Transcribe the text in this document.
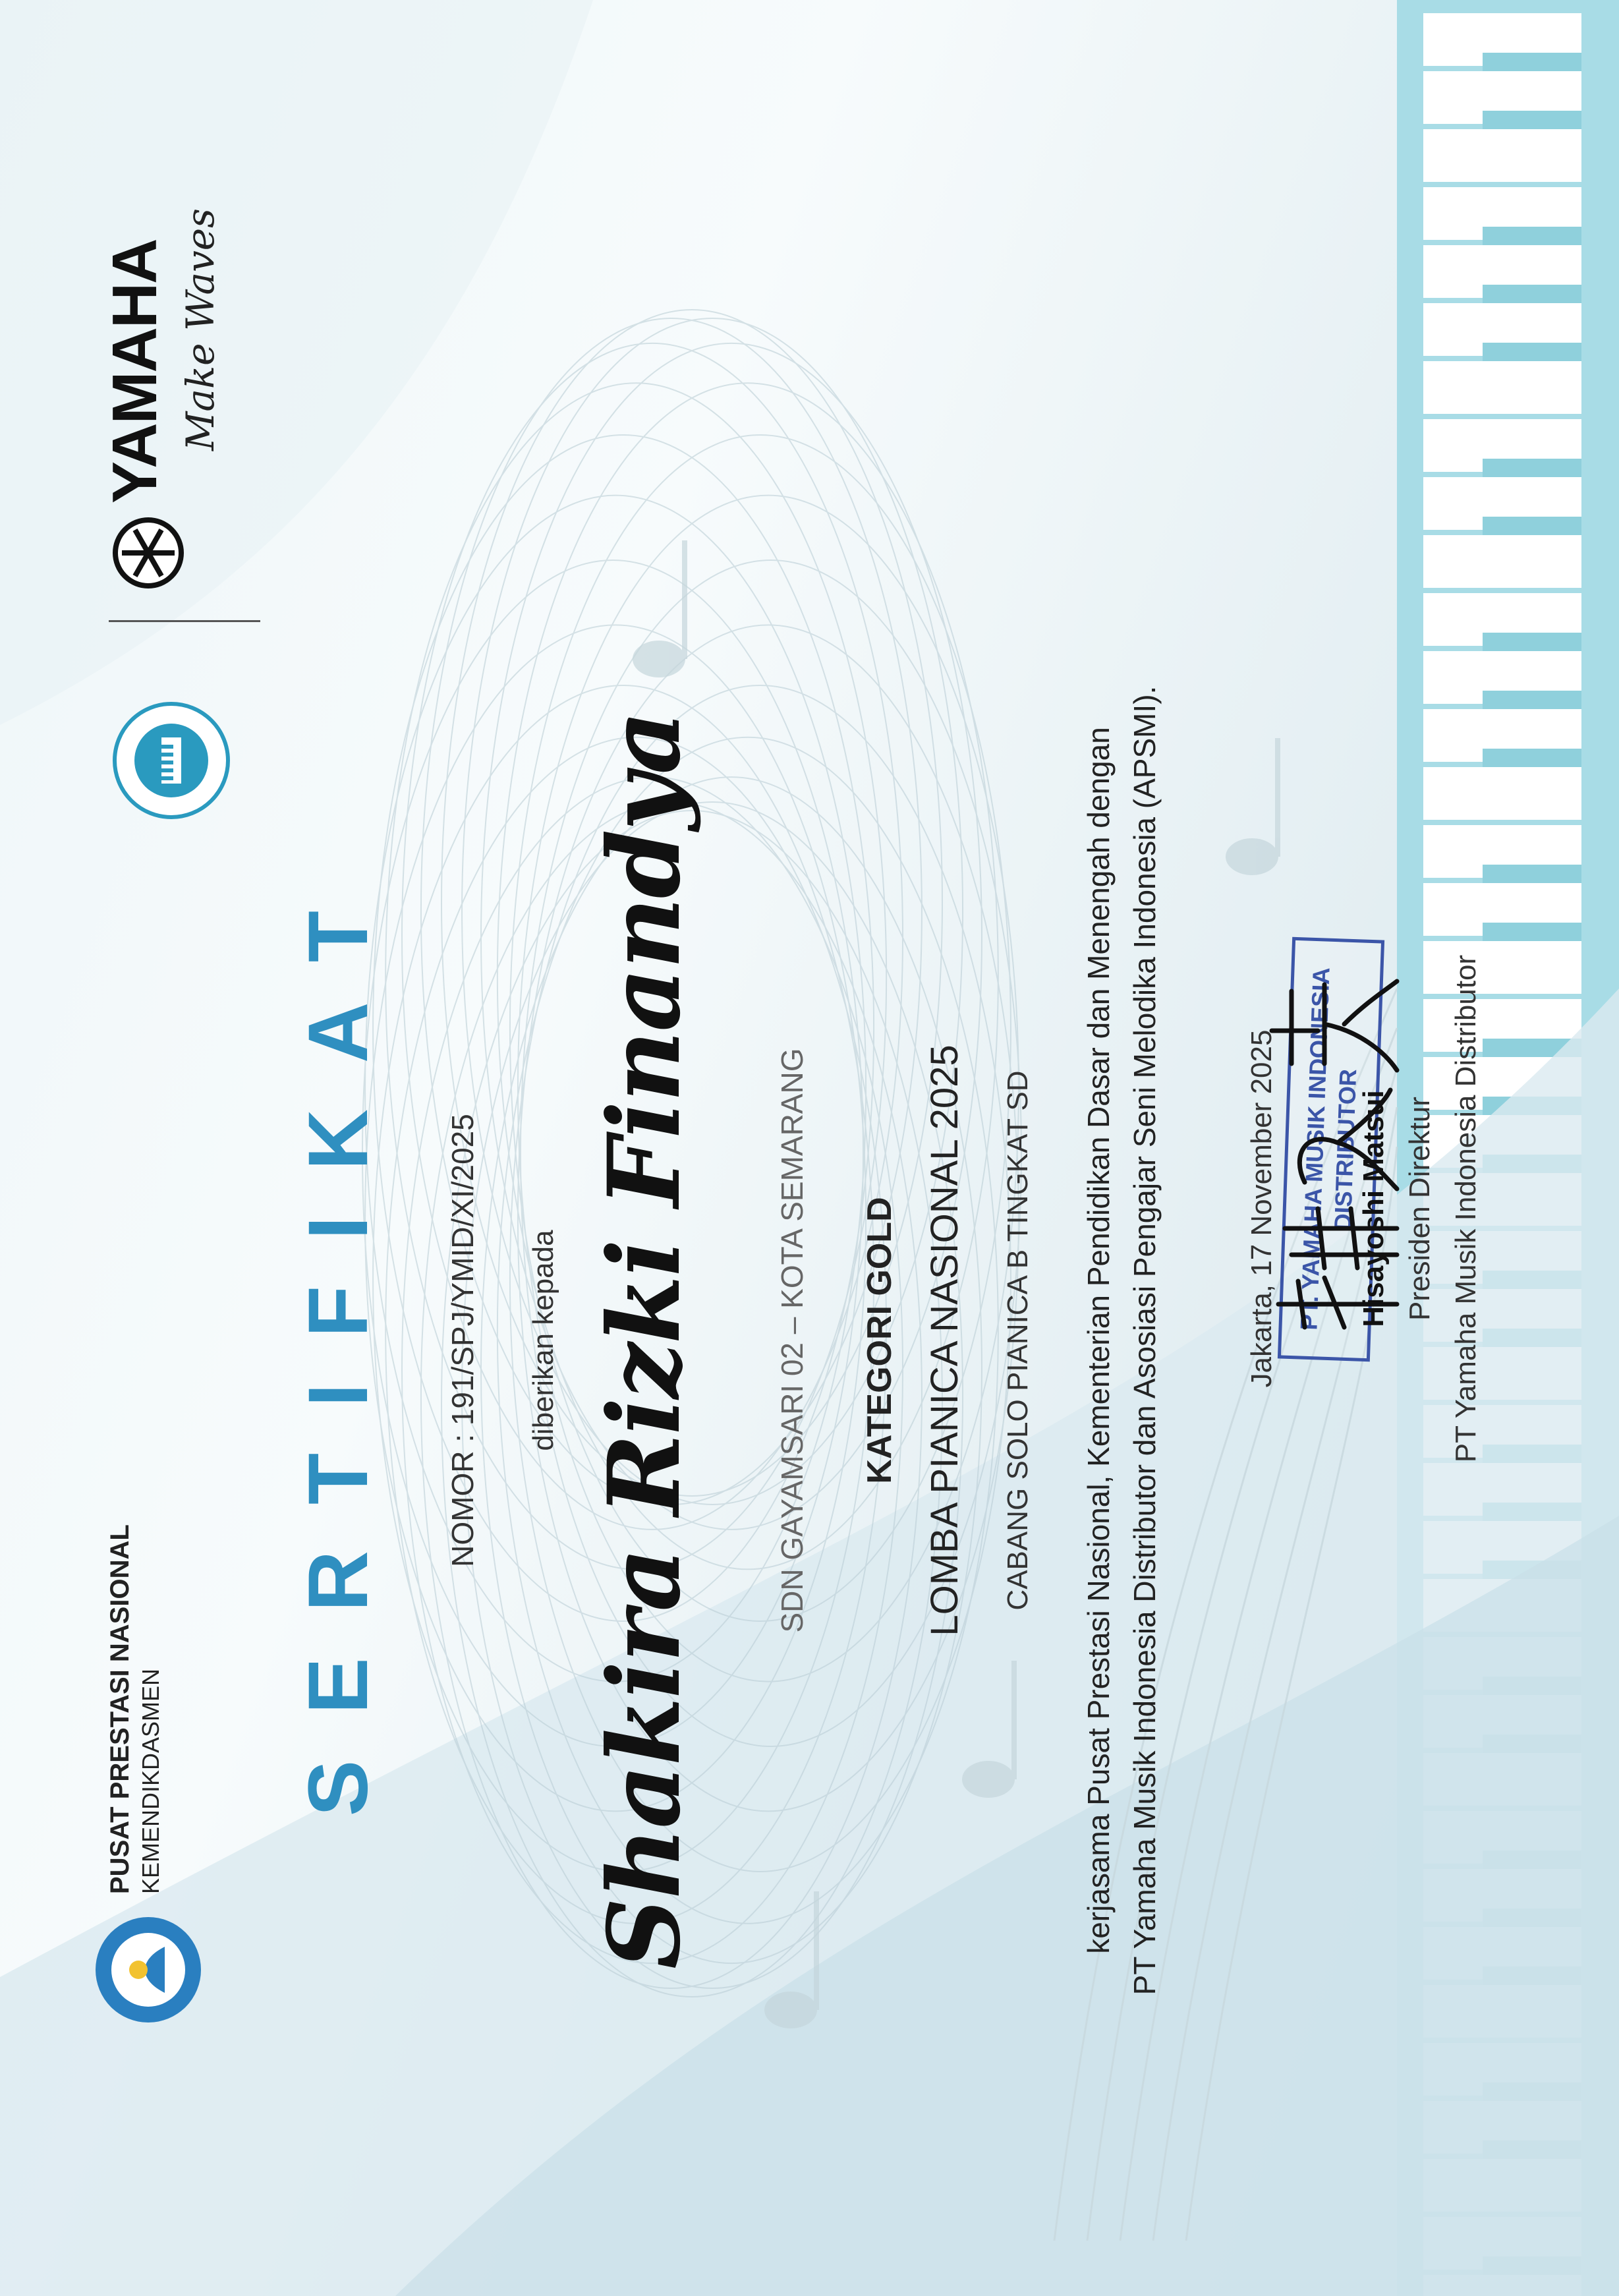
PUSAT PRESTASI NASIONAL KEMENDIKDASMEN
YAMAHA Make Waves
SERTIFIKAT NOMOR : 191/SPJ/YMID/XI/2025 diberikan kepada Shakira Rizki Finandya SDN GAYAMSARI 02 – KOTA SEMARANG KATEGORI GOLD LOMBA PIANICA NASIONAL 2025 CABANG SOLO PIANICA B TINGKAT SD kerjasama Pusat Prestasi Nasional, Kementerian Pendidikan Dasar dan Menengah dengan PT Yamaha Musik Indonesia Distributor dan Asosiasi Pengajar Seni Melodika Indonesia (APSMI).	Jakarta, 17 November 2025 PT. YAMAHA MUSIK INDONESIA
DISTRIBUTOR
Hisayoshi Matsui Presiden Direktur PT Yamaha Musik Indonesia Distributor
